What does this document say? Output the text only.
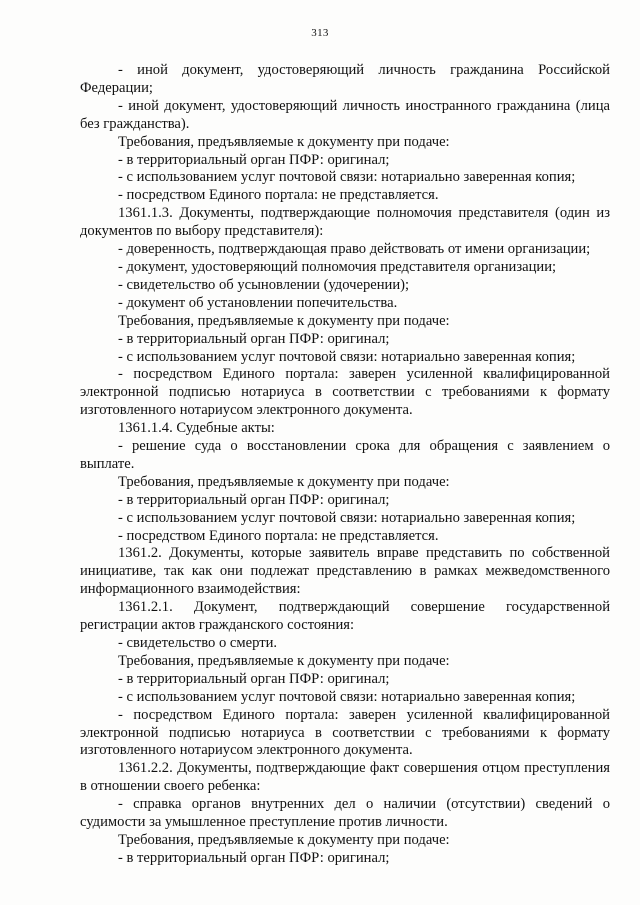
313

- иной документ, удостоверяющий личность гражданина Российской Федерации;

- иной документ, удостоверяющий личность иностранного гражданина (лица без гражданства).

Требования, предъявляемые к документу при подаче:

- в территориальный орган ПФР: оригинал;

- с использованием услуг почтовой связи: нотариально заверенная копия;

- посредством Единого портала: не представляется.

1361.1.3. Документы, подтверждающие полномочия представителя (один из документов по выбору представителя):

- доверенность, подтверждающая право действовать от имени организации;

- документ, удостоверяющий полномочия представителя организации;

- свидетельство об усыновлении (удочерении);

- документ об установлении попечительства.

Требования, предъявляемые к документу при подаче:

- в территориальный орган ПФР: оригинал;

- с использованием услуг почтовой связи: нотариально заверенная копия;

- посредством Единого портала: заверен усиленной квалифицированной электронной подписью нотариуса в соответствии с требованиями к формату изготовленного нотариусом электронного документа.

1361.1.4. Судебные акты:

- решение суда о восстановлении срока для обращения с заявлением о выплате.

Требования, предъявляемые к документу при подаче:

- в территориальный орган ПФР: оригинал;

- с использованием услуг почтовой связи: нотариально заверенная копия;

- посредством Единого портала: не представляется.

1361.2. Документы, которые заявитель вправе представить по собственной инициативе, так как они подлежат представлению в рамках межведомственного информационного взаимодействия:

1361.2.1. Документ, подтверждающий совершение государственной регистрации актов гражданского состояния:

- свидетельство о смерти.

Требования, предъявляемые к документу при подаче:

- в территориальный орган ПФР: оригинал;

- с использованием услуг почтовой связи: нотариально заверенная копия;

- посредством Единого портала: заверен усиленной квалифицированной электронной подписью нотариуса в соответствии с требованиями к формату изготовленного нотариусом электронного документа.

1361.2.2. Документы, подтверждающие факт совершения отцом преступления в отношении своего ребенка:

- справка органов внутренних дел о наличии (отсутствии) сведений о судимости за умышленное преступление против личности.

Требования, предъявляемые к документу при подаче:

- в территориальный орган ПФР: оригинал;
